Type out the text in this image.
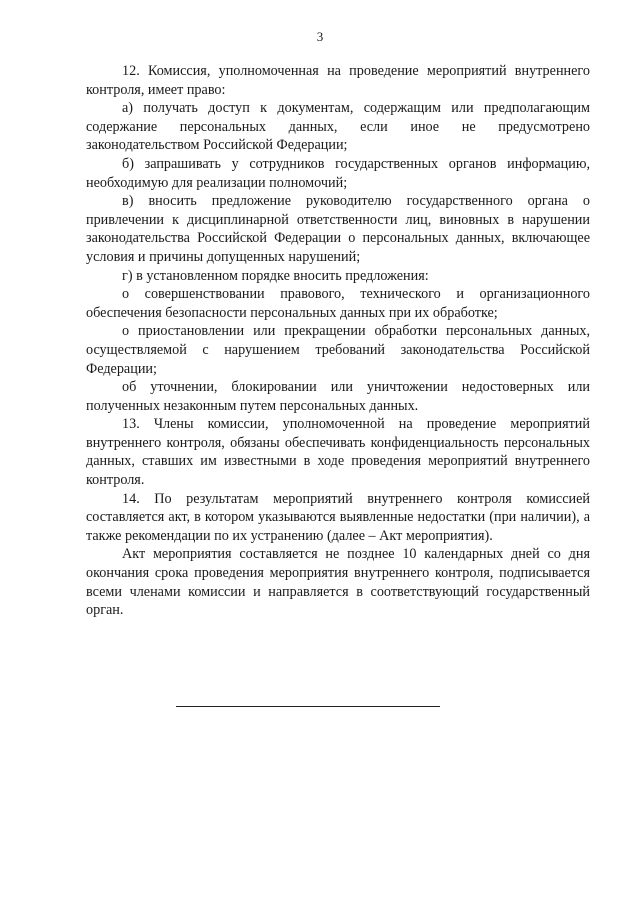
3

12. Комиссия, уполномоченная на проведение мероприятий внутреннего контроля, имеет право:

а) получать доступ к документам, содержащим или предполагающим содержание персональных данных, если иное не предусмотрено законодательством Российской Федерации;

б) запрашивать у сотрудников государственных органов информацию, необходимую для реализации полномочий;

в) вносить предложение руководителю государственного органа о привлечении к дисциплинарной ответственности лиц, виновных в нарушении законодательства Российской Федерации о персональных данных, включающее условия и причины допущенных нарушений;

г) в установленном порядке вносить предложения:

о совершенствовании правового, технического и организационного обеспечения безопасности персональных данных при их обработке;

о приостановлении или прекращении обработки персональных данных, осуществляемой с нарушением требований законодательства Российской Федерации;

об уточнении, блокировании или уничтожении недостоверных или полученных незаконным путем персональных данных.

13. Члены комиссии, уполномоченной на проведение мероприятий внутреннего контроля, обязаны обеспечивать конфиденциальность персональных данных, ставших им известными в ходе проведения мероприятий внутреннего контроля.

14. По результатам мероприятий внутреннего контроля комиссией составляется акт, в котором указываются выявленные недостатки (при наличии), а также рекомендации по их устранению (далее – Акт мероприятия).

Акт мероприятия составляется не позднее 10 календарных дней со дня окончания срока проведения мероприятия внутреннего контроля, подписывается всеми членами комиссии и направляется в соответствующий государственный орган.
